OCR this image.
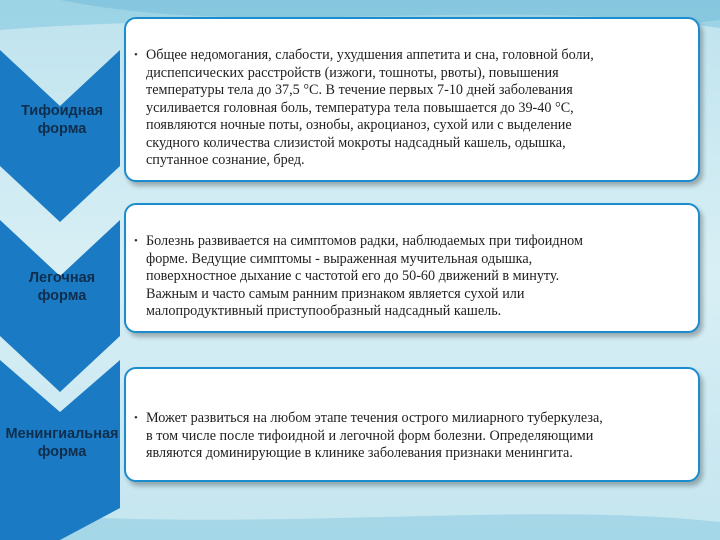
Тифоидная
форма
Легочная
форма
Менингиальная
форма
• Общее недомогания, слабости, ухудшения аппетита и сна, головной боли,
диспепсических расстройств (изжоги, тошноты, рвоты), повышения
температуры тела до 37,5 °С. В течение первых 7-10 дней заболевания
усиливается головная боль, температура тела повышается до 39-40 °С,
появляются ночные поты, ознобы, акроцианоз, сухой или с выделение
скудного количества слизистой мокроты надсадный кашель, одышка,
спутанное сознание, бред.
• Болезнь развивается на симптомов радки, наблюдаемых при тифоидном
форме. Ведущие симптомы - выраженная мучительная одышка,
поверхностное дыхание с частотой его до 50-60 движений в минуту.
Важным и часто самым ранним признаком является сухой или
малопродуктивный приступообразный надсадный кашель.
• Может развиться на любом этапе течения острого милиарного туберкулеза,
в том числе после тифоидной и легочной форм болезни. Определяющими
являются доминирующие в клинике заболевания признаки менингита.
